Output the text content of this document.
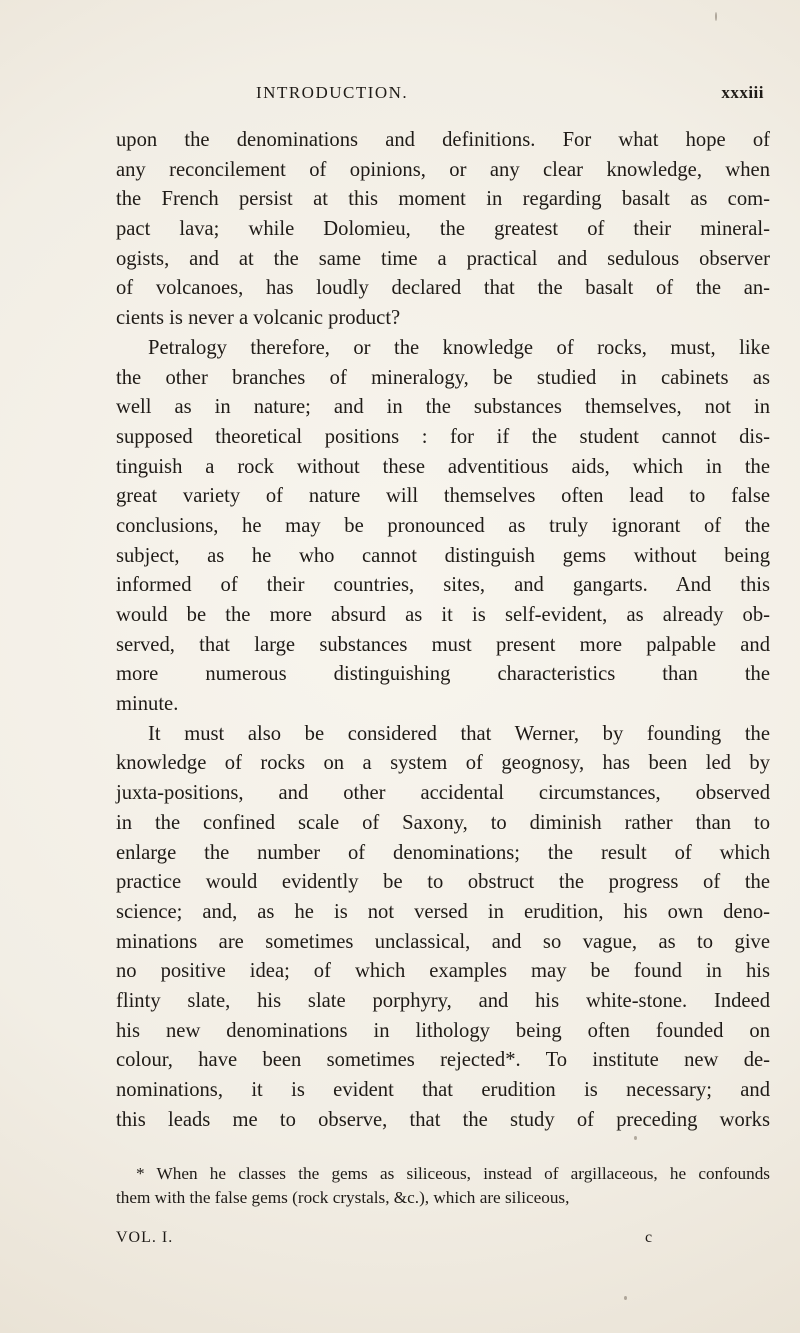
INTRODUCTION.	xxxiii
upon the denominations and definitions. For what hope of
any reconcilement of opinions, or any clear knowledge, when
the French persist at this moment in regarding basalt as com-
pact lava; while Dolomieu, the greatest of their mineral-
ogists, and at the same time a practical and sedulous observer
of volcanoes, has loudly declared that the basalt of the an-
cients is never a volcanic product?
Petralogy therefore, or the knowledge of rocks, must, like
the other branches of mineralogy, be studied in cabinets as
well as in nature; and in the substances themselves, not in
supposed theoretical positions : for if the student cannot dis-
tinguish a rock without these adventitious aids, which in the
great variety of nature will themselves often lead to false
conclusions, he may be pronounced as truly ignorant of the
subject, as he who cannot distinguish gems without being
informed of their countries, sites, and gangarts. And this
would be the more absurd as it is self-evident, as already ob-
served, that large substances must present more palpable and
more numerous distinguishing characteristics than the
minute.
It must also be considered that Werner, by founding the
knowledge of rocks on a system of geognosy, has been led by
juxta-positions, and other accidental circumstances, observed
in the confined scale of Saxony, to diminish rather than to
enlarge the number of denominations; the result of which
practice would evidently be to obstruct the progress of the
science; and, as he is not versed in erudition, his own deno-
minations are sometimes unclassical, and so vague, as to give
no positive idea; of which examples may be found in his
flinty slate, his slate porphyry, and his white-stone. Indeed
his new denominations in lithology being often founded on
colour, have been sometimes rejected*. To institute new de-
nominations, it is evident that erudition is necessary; and
this leads me to observe, that the study of preceding works
* When he classes the gems as siliceous, instead of argillaceous, he confounds
them with the false gems (rock crystals, &c.), which are siliceous,
VOL. I.	c
